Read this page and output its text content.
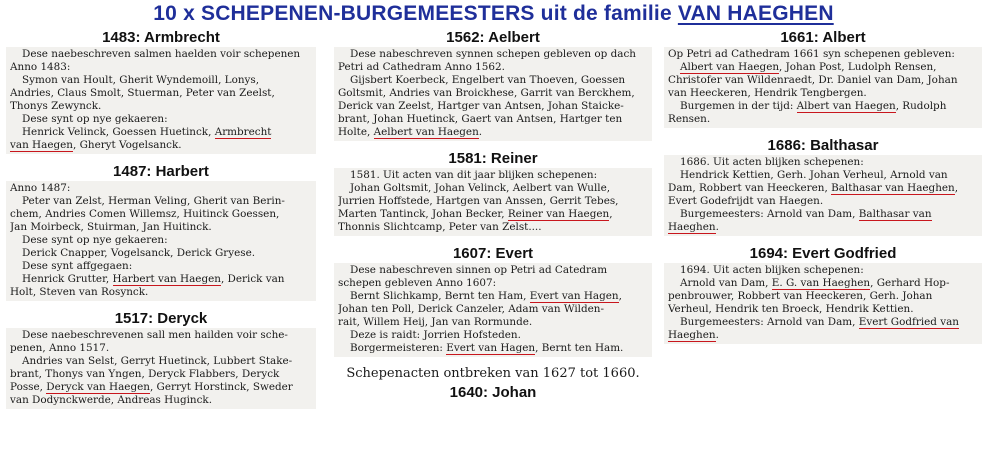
10 x SCHEPENEN-BURGEMEESTERS uit de familie VAN HAEGHEN
1483: Armbrecht
Dese naebeschreven salmen haelden voir schepenen
Anno 1483:
Symon van Hoult, Gherit Wyndemoill, Lonys,
Andries, Claus Smolt, Stuerman, Peter van Zeelst,
Thonys Zewynck.
Dese synt op nye gekaeren:
Henrick Velinck, Goessen Huetinck, Armbrecht
van Haegen, Gheryt Vogelsanck.
1487: Harbert
Anno 1487:
Peter van Zelst, Herman Veling, Gherit van Berin-
chem, Andries Comen Willemsz, Huitinck Goessen,
Jan Moirbeck, Stuirman, Jan Huitinck.
Dese synt op nye gekaeren:
Derick Cnapper, Vogelsanck, Derick Gryese.
Dese synt affgegaen:
Henrick Grutter, Harbert van Haegen, Derick van
Holt, Steven van Rosynck.
1517: Deryck
Dese naebeschrevenen sall men hailden voir sche-
penen, Anno 1517.
Andries van Selst, Gerryt Huetinck, Lubbert Stake-
brant, Thonys van Yngen, Deryck Flabbers, Deryck
Posse, Deryck van Haegen, Gerryt Horstinck, Sweder
van Dodynckwerde, Andreas Huginck.
1562: Aelbert
Dese nabeschreven synnen schepen gebleven op dach
Petri ad Cathedram Anno 1562.
Gijsbert Koerbeck, Engelbert van Thoeven, Goessen
Goltsmit, Andries van Broickhese, Garrit van Berckhem,
Derick van Zeelst, Hartger van Antsen, Johan Staicke-
brant, Johan Huetinck, Gaert van Antsen, Hartger ten
Holte, Aelbert van Haegen.
1581: Reiner
1581. Uit acten van dit jaar blijken schepenen:
Johan Goltsmit, Johan Velinck, Aelbert van Wulle,
Jurrien Hoffstede, Hartgen van Anssen, Gerrit Tebes,
Marten Tantinck, Johan Becker, Reiner van Haegen,
Thonnis Slichtcamp, Peter van Zelst....
1607: Evert
Dese nabeschreven sinnen op Petri ad Catedram
schepen gebleven Anno 1607:
Bernt Slichkamp, Bernt ten Ham, Evert van Hagen,
Johan ten Poll, Derick Canzeler, Adam van Wilden-
rait, Willem Heij, Jan van Rormunde.
Deze is raidt: Jorrien Hofsteden.
Borgermeisteren: Evert van Hagen, Bernt ten Ham.
Schepenacten ontbreken van 1627 tot 1660.
1640: Johan
1661: Albert
Op Petri ad Cathedram 1661 syn schepenen gebleven:
Albert van Haegen, Johan Post, Ludolph Rensen,
Christofer van Wildenraedt, Dr. Daniel van Dam, Johan
van Heeckeren, Hendrik Tengbergen.
Burgemen in der tijd: Albert van Haegen, Rudolph
Rensen.
1686: Balthasar
1686. Uit acten blijken schepenen:
Hendrick Kettien, Gerh. Johan Verheul, Arnold van
Dam, Robbert van Heeckeren, Balthasar van Haeghen,
Evert Godefrijdt van Haegen.
Burgemeesters: Arnold van Dam, Balthasar van
Haeghen.
1694: Evert Godfried
1694. Uit acten blijken schepenen:
Arnold van Dam, E. G. van Haeghen, Gerhard Hop-
penbrouwer, Robbert van Heeckeren, Gerh. Johan
Verheul, Hendrik ten Broeck, Hendrik Kettien.
Burgemeesters: Arnold van Dam, Evert Godfried van
Haeghen.
